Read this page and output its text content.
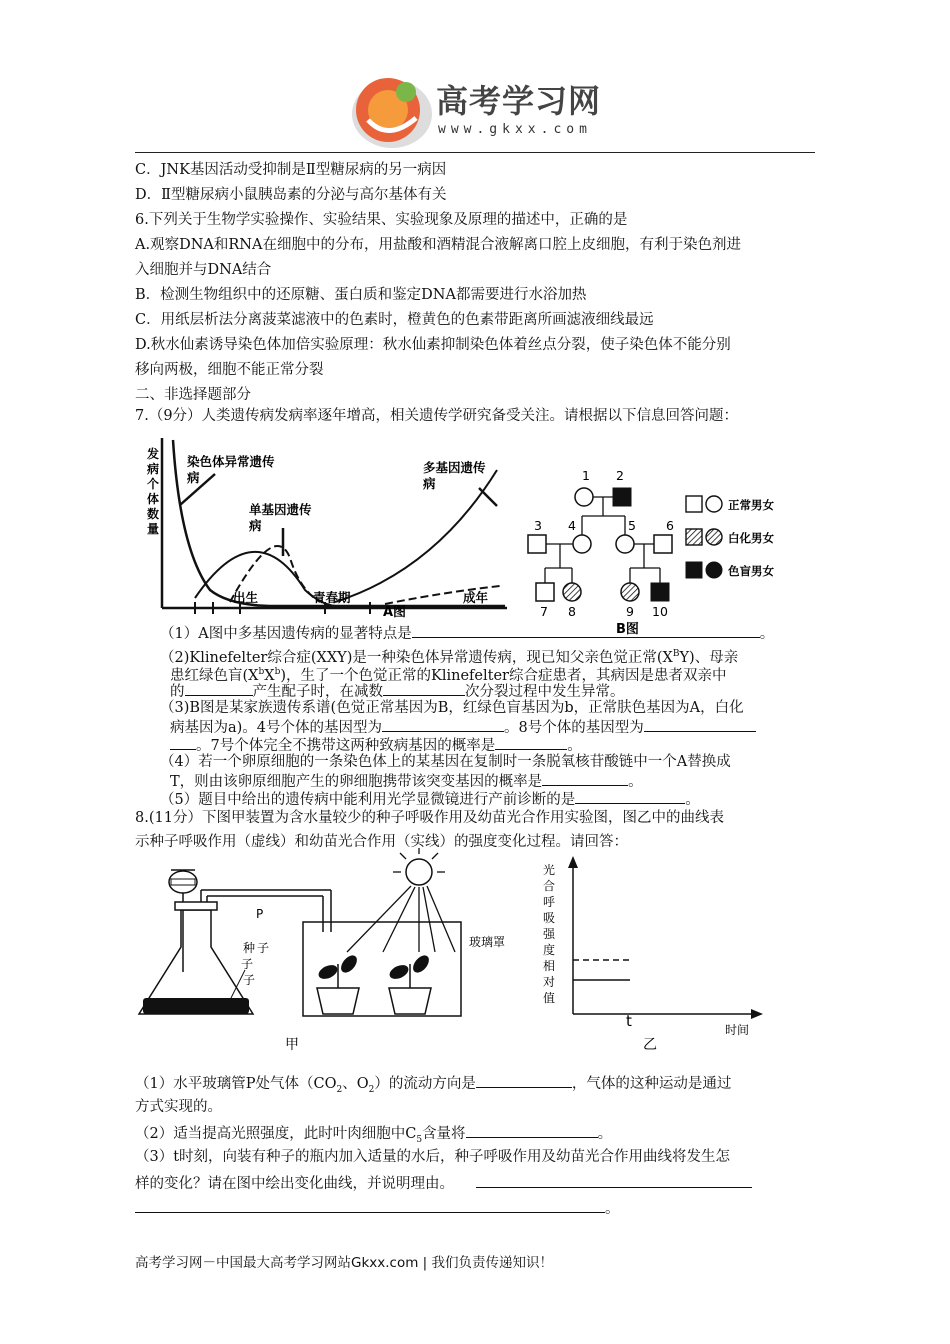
高考学习网
www.gkxx.com
C．JNK基因活动受抑制是Ⅱ型糖尿病的另一病因
D．Ⅱ型糖尿病小鼠胰岛素的分泌与高尔基体有关
6.下列关于生物学实验操作、实验结果、实验现象及原理的描述中，正确的是
A.观察DNA和RNA在细胞中的分布，用盐酸和酒精混合液解离口腔上皮细胞，有利于染色剂进
入细胞并与DNA结合
B．检测生物组织中的还原糖、蛋白质和鉴定DNA都需要进行水浴加热
C．用纸层析法分离菠菜滤液中的色素时，橙黄色的色素带距离所画滤液细线最远
D.秋水仙素诱导染色体加倍实验原理：秋水仙素抑制染色体着丝点分裂，使子染色体不能分别
移向两极，细胞不能正常分裂
二、非选择题部分
7.（9分）人类遗传病发病率逐年增高，相关遗传学研究备受关注。请根据以下信息回答问题：
发
病
个
体
数
量
染色体异常遗传
病
单基因遗传
病
多基因遗传
病
出生	青春期	成年
A图
1 2
3 4	5 6
7 8	9 10
B图
正常男女
白化男女
色盲男女
（1）A图中多基因遗传病的显著特点是	。
（2)Klinefelter综合症(XXY)是一种染色体异常遗传病，现已知父亲色觉正常$(X^BY)$、母亲
患红绿色盲$(X^bX^b)$，生了一个色觉正常的Klinefelter综合症患者，其病因是患者双亲中
的	产生配子时，在减数	次分裂过程中发生异常。
（3)B图是某家族遗传系谱(色觉正常基因为B，红绿色盲基因为b，正常肤色基因为A，白化
病基因为a)。4号个体的基因型为	。8号个体的基因型为
。7号个体完全不携带这两种致病基因的概率是	。
（4）若一个卵原细胞的一条染色体上的某基因在复制时一条脱氧核苷酸链中一个A替换成
T，则由该卵原细胞产生的卵细胞携带该突变基因的概率是	。
（5）题目中给出的遗传病中能利用光学显微镜进行产前诊断的是	。
8.(11分）下图甲装置为含水量较少的种子呼吸作用及幼苗光合作用实验图，图乙中的曲线表
示种子呼吸作用（虚线）和幼苗光合作用（实线）的强度变化过程。请回答：
P
种 子
子
子
玻璃罩
甲
光
合
呼
吸
强
度
相
对
值
t	时间
乙
（1）水平玻璃管P处气体（$CO_2$、$O_2$）的流动方向是	，气体的这种运动是通过
方式实现的。
（2）适当提高光照强度，此时叶肉细胞中$C_5$含量将	。
（3）t时刻，向装有种子的瓶内加入适量的水后，种子呼吸作用及幼苗光合作用曲线将发生怎
样的变化？请在图中绘出变化曲线，并说明理由。
。
高考学习网－中国最大高考学习网站Gkxx.com | 我们负责传递知识！
